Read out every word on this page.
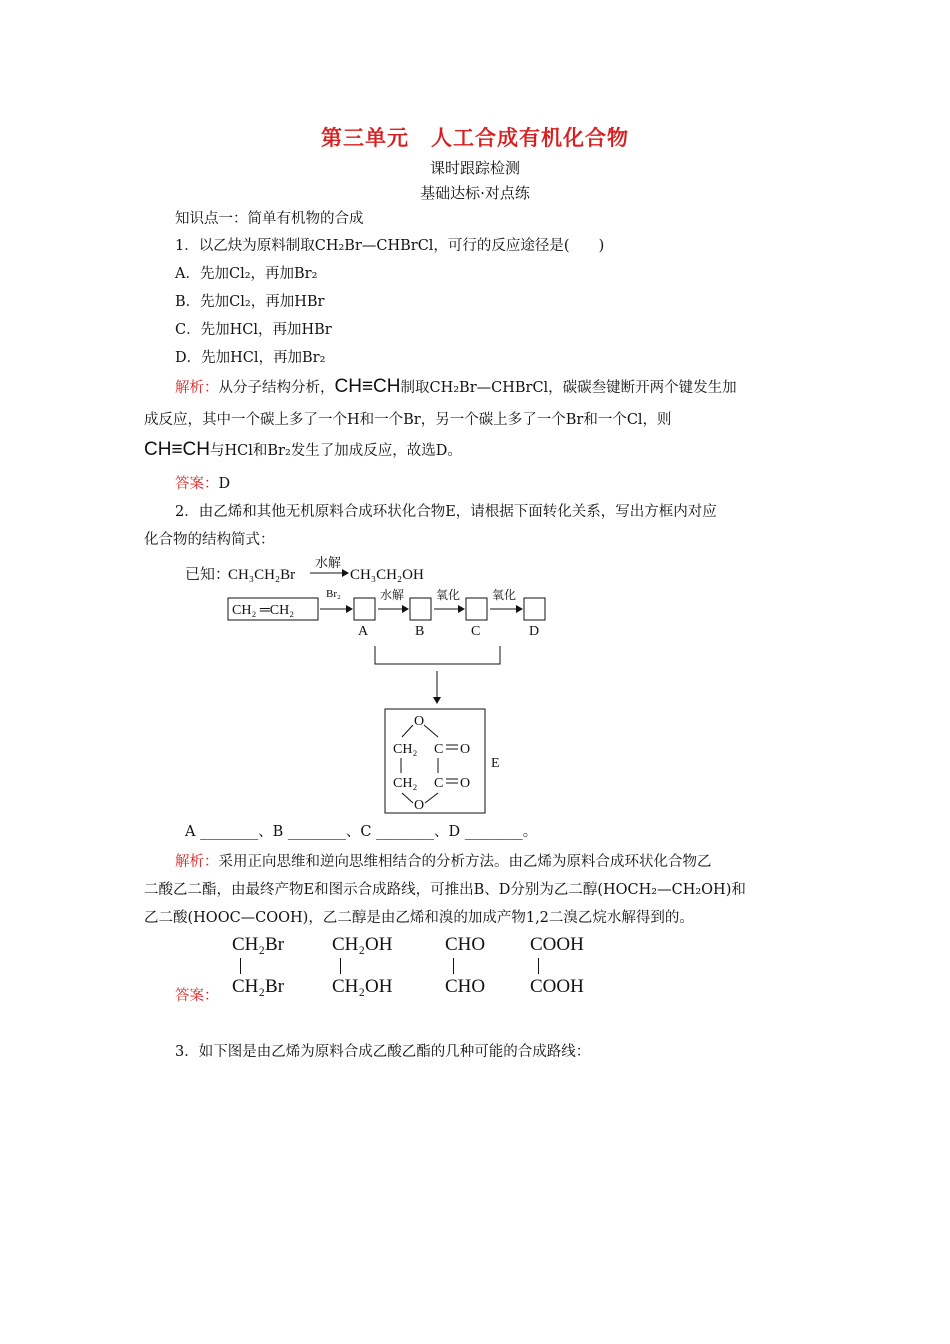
第三单元　人工合成有机化合物
课时跟踪检测
基础达标·对点练
知识点一：简单有机物的合成
1．以乙炔为原料制取CH₂Br—CHBrCl，可行的反应途径是(　　)
A．先加Cl₂，再加Br₂
B．先加Cl₂，再加HBr
C．先加HCl，再加HBr
D．先加HCl，再加Br₂
解析：从分子结构分析，CH≡CH制取CH₂Br—CHBrCl，碳碳叁键断开两个键发生加
成反应，其中一个碳上多了一个H和一个Br，另一个碳上多了一个Br和一个Cl，则
CH≡CH与HCl和Br₂发生了加成反应，故选D。
答案：D
2．由乙烯和其他无机原料合成环状化合物E，请根据下面转化关系，写出方框内对应
化合物的结构简式：
已知：
CH₃CH₂Br
水解
CH₃CH₂OH
CH₂ ═CH₂
Br₂
A
水解
B
氧化
C
氧化
D
O
CH₂ C O
CH₂ C O
O
E
A ________、B ________、C ________、D ________。
解析：采用正向思维和逆向思维相结合的分析方法。由乙烯为原料合成环状化合物乙
二酸乙二酯，由最终产物E和图示合成路线，可推出B、D分别为乙二醇(HOCH₂—CH₂OH)和
乙二酸(HOOC—COOH)，乙二醇是由乙烯和溴的加成产物1,2二溴乙烷水解得到的。
答案：
CH₂Br
CH₂Br
CH₂OH
CH₂OH
CHO
CHO
COOH
COOH
3．如下图是由乙烯为原料合成乙酸乙酯的几种可能的合成路线：
